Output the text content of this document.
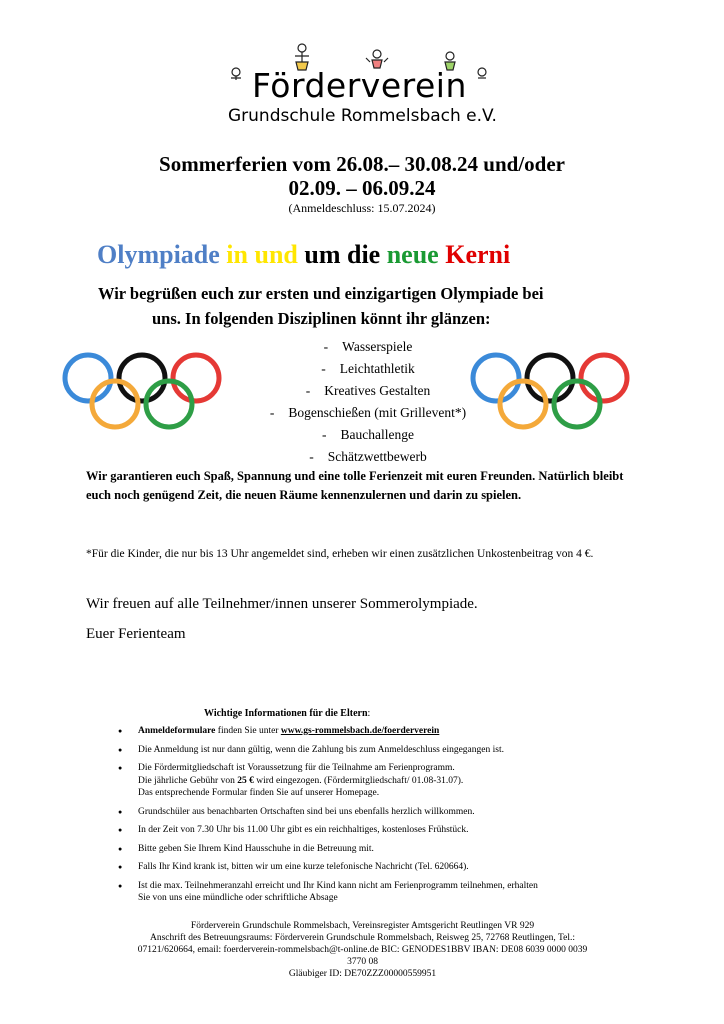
Förderverein
Grundschule Rommelsbach e.V.
Sommerferien vom 26.08.– 30.08.24 und/oder
02.09. – 06.09.24
(Anmeldeschluss: 15.07.2024)
Olympiade in und um die neue Kerni
Wir begrüßen euch zur ersten und einzigartigen Olympiade bei
uns. In folgenden Disziplinen könnt ihr glänzen:
- Wasserspiele
- Leichtathletik
- Kreatives Gestalten
- Bogenschießen (mit Grillevent*)
- Bauchallenge
- Schätzwettbewerb
Wir garantieren euch Spaß, Spannung und eine tolle Ferienzeit mit euren Freunden. Natürlich bleibt euch noch genügend Zeit, die neuen Räume kennenzulernen und darin zu spielen.
*Für die Kinder, die nur bis 13 Uhr angemeldet sind, erheben wir einen zusätzlichen Unkostenbeitrag von 4 €.
Wir freuen auf alle Teilnehmer/innen unserer Sommerolympiade.
Euer Ferienteam
Wichtige Informationen für die Eltern:
● Anmeldeformulare finden Sie unter www.gs-rommelsbach.de/foerderverein
● Die Anmeldung ist nur dann gültig, wenn die Zahlung bis zum Anmeldeschluss eingegangen ist.
● Die Fördermitgliedschaft ist Voraussetzung für die Teilnahme am Ferienprogramm.
Die jährliche Gebühr von 25 € wird eingezogen. (Fördermitgliedschaft/ 01.08-31.07).
Das entsprechende Formular finden Sie auf unserer Homepage.
● Grundschüler aus benachbarten Ortschaften sind bei uns ebenfalls herzlich willkommen.
● In der Zeit von 7.30 Uhr bis 11.00 Uhr gibt es ein reichhaltiges, kostenloses Frühstück.
● Bitte geben Sie Ihrem Kind Hausschuhe in die Betreuung mit.
● Falls Ihr Kind krank ist, bitten wir um eine kurze telefonische Nachricht (Tel. 620664).
● Ist die max. Teilnehmeranzahl erreicht und Ihr Kind kann nicht am Ferienprogramm teilnehmen, erhalten
Sie von uns eine mündliche oder schriftliche Absage
Förderverein Grundschule Rommelsbach, Vereinsregister Amtsgericht Reutlingen VR 929
Anschrift des Betreuungsraums: Förderverein Grundschule Rommelsbach, Reisweg 25, 72768 Reutlingen, Tel.:
07121/620664, email: foerderverein-rommelsbach@t-online.de BIC: GENODES1BBV IBAN: DE08 6039 0000 0039
3770 08
Gläubiger ID: DE70ZZZ00000559951
